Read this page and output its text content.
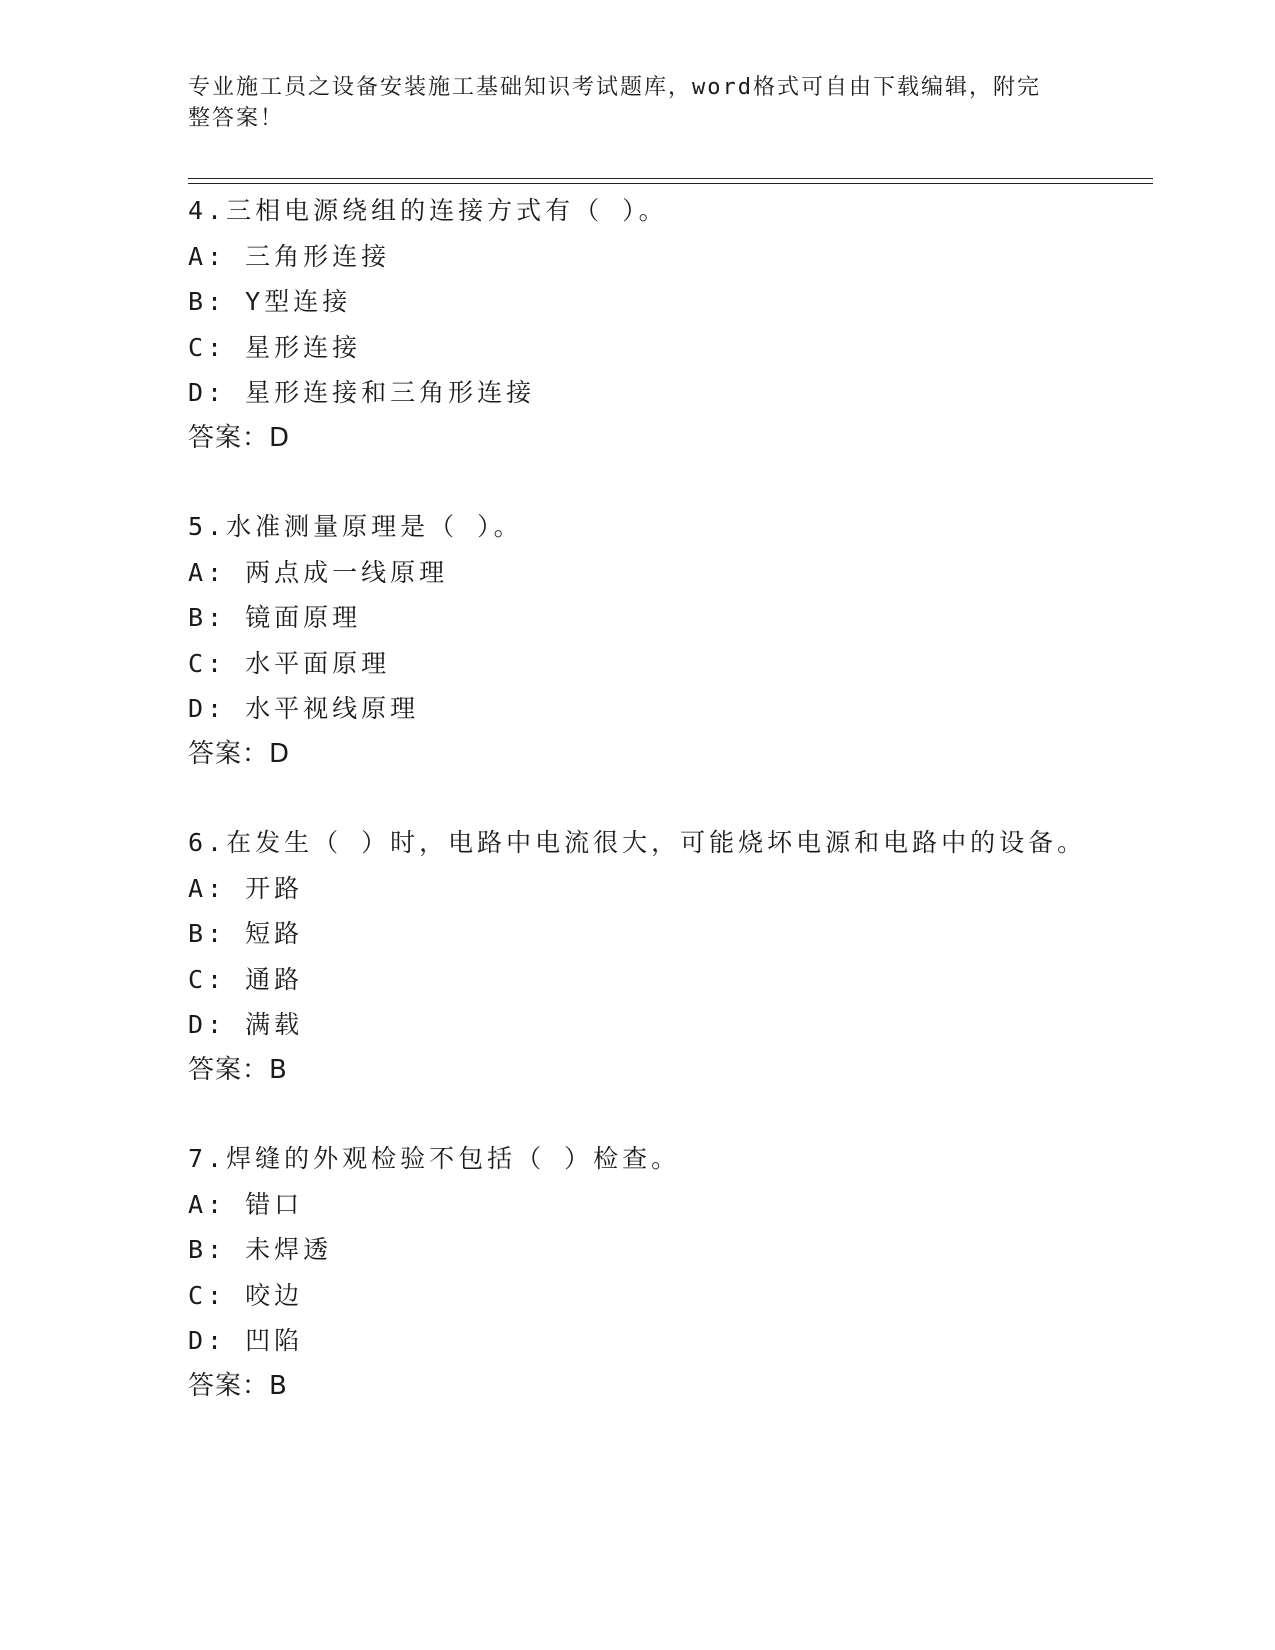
专业施工员之设备安装施工基础知识考试题库，word格式可自由下载编辑，附完
整答案！
4.三相电源绕组的连接方式有（ ）。
A: 三角形连接
B: Y型连接
C: 星形连接
D: 星形连接和三角形连接
答案：D
5.水准测量原理是（ ）。
A: 两点成一线原理
B: 镜面原理
C: 水平面原理
D: 水平视线原理
答案：D
6.在发生（ ）时，电路中电流很大，可能烧坏电源和电路中的设备。
A: 开路
B: 短路
C: 通路
D: 满载
答案：B
7.焊缝的外观检验不包括（ ）检查。
A: 错口
B: 未焊透
C: 咬边
D: 凹陷
答案：B
